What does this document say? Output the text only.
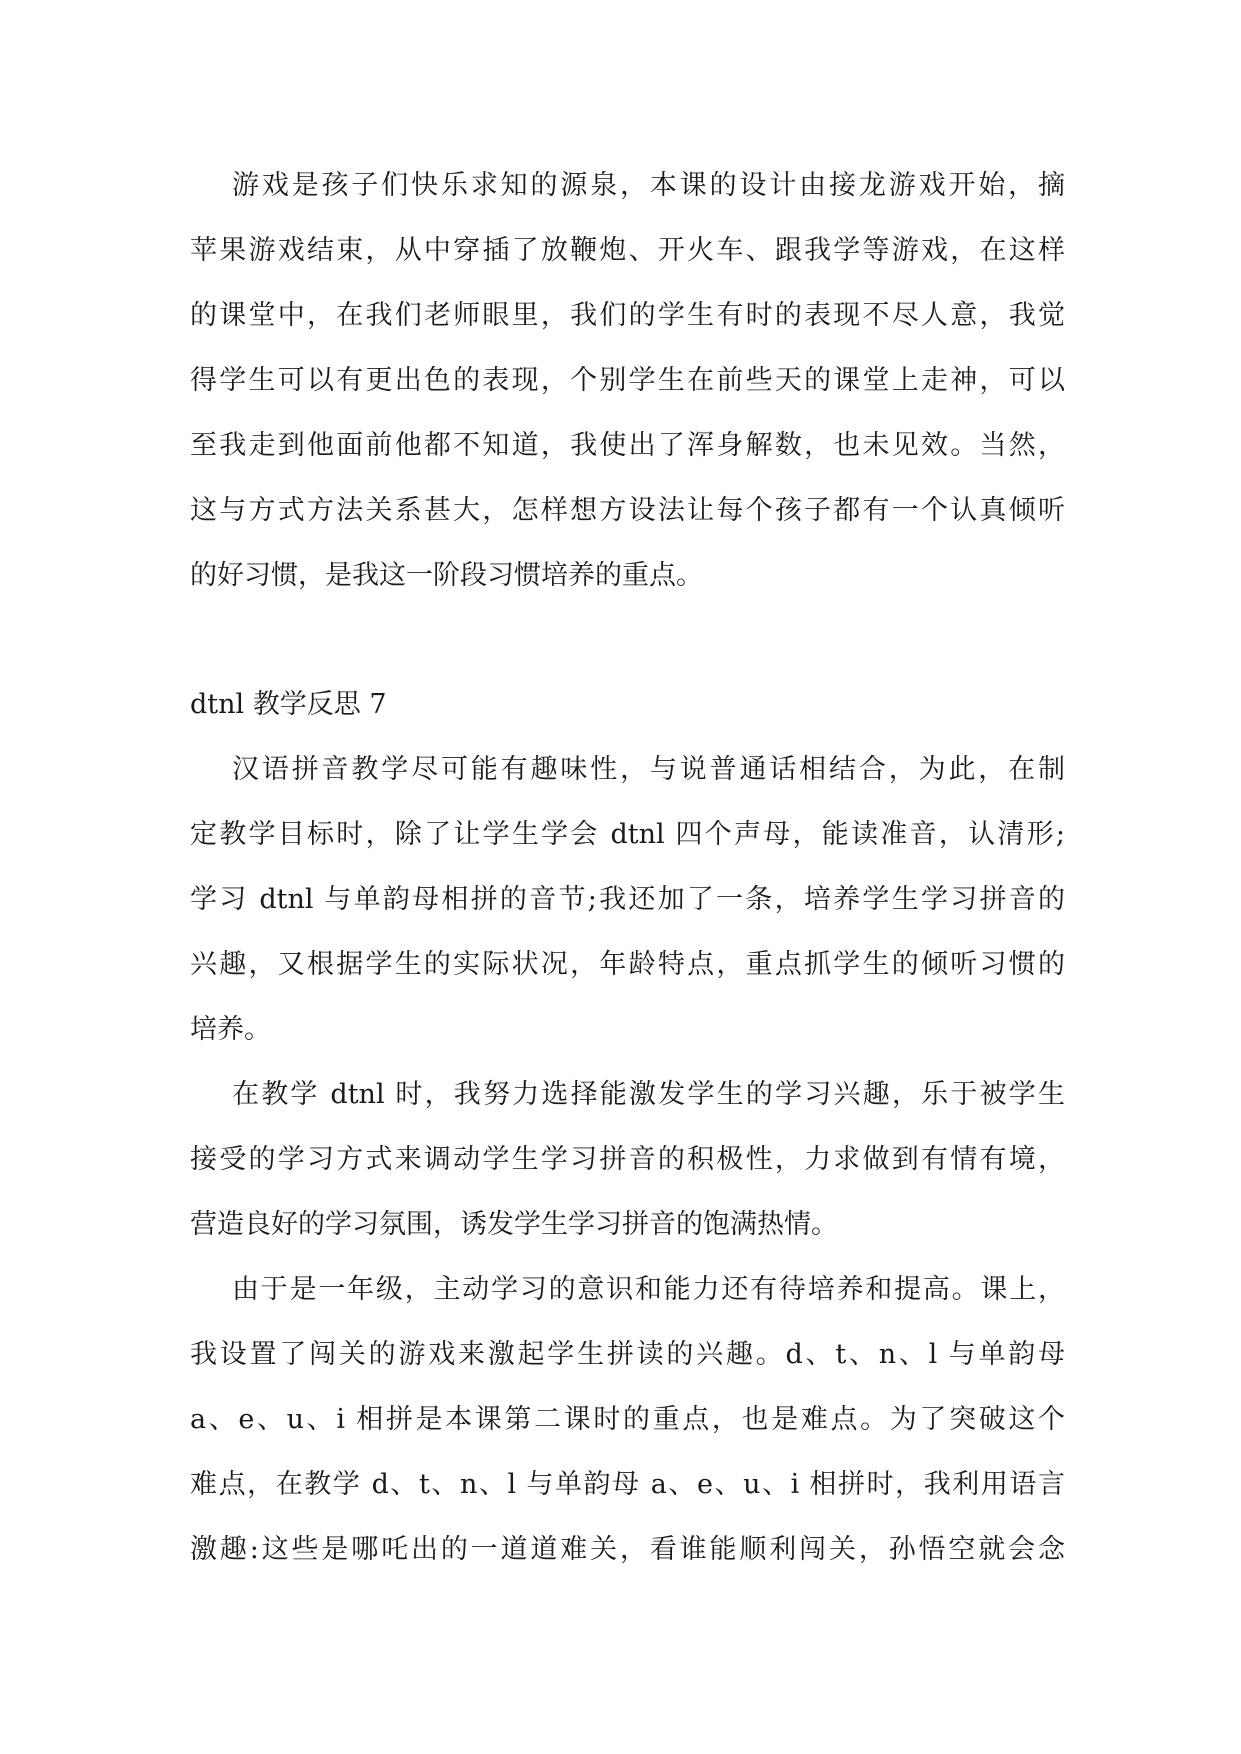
游戏是孩子们快乐求知的源泉，本课的设计由接龙游戏开始，摘
苹果游戏结束，从中穿插了放鞭炮、开火车、跟我学等游戏，在这样
的课堂中，在我们老师眼里，我们的学生有时的表现不尽人意，我觉
得学生可以有更出色的表现，个别学生在前些天的课堂上走神，可以
至我走到他面前他都不知道，我使出了浑身解数，也未见效。当然，
这与方式方法关系甚大，怎样想方设法让每个孩子都有一个认真倾听
的好习惯，是我这一阶段习惯培养的重点。
dtnl 教学反思 7
汉语拼音教学尽可能有趣味性，与说普通话相结合，为此，在制
定教学目标时，除了让学生学会 dtnl 四个声母，能读准音，认清形;
学习 dtnl 与单韵母相拼的音节;我还加了一条，培养学生学习拼音的
兴趣，又根据学生的实际状况，年龄特点，重点抓学生的倾听习惯的
培养。
在教学 dtnl 时，我努力选择能激发学生的学习兴趣，乐于被学生
接受的学习方式来调动学生学习拼音的积极性，力求做到有情有境，
营造良好的学习氛围，诱发学生学习拼音的饱满热情。
由于是一年级，主动学习的意识和能力还有待培养和提高。课上，
我设置了闯关的游戏来激起学生拼读的兴趣。d、t、n、l 与单韵母
a、e、u、i 相拼是本课第二课时的重点，也是难点。为了突破这个
难点，在教学 d、t、n、l 与单韵母 a、e、u、i 相拼时，我利用语言
激趣:这些是哪吒出的一道道难关，看谁能顺利闯关，孙悟空就会念
